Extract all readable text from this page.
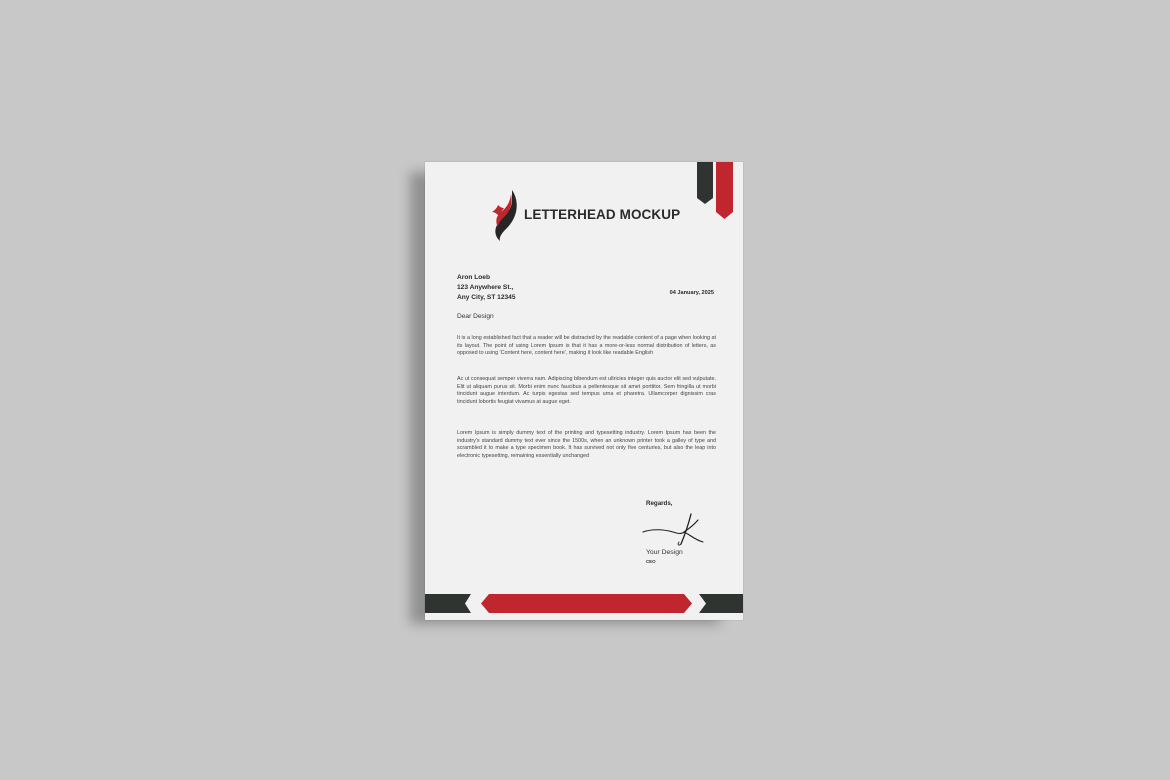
LETTERHEAD MOCKUP
Aron Loeb
123 Anywhere St.,
Any City, ST 12345
04 January, 2025
Dear Design

It is a long established fact that a reader will be distracted by the readable content of a page when looking at its layout. The point of using Lorem Ipsum is that it has a more-or-less normal distribution of letters, as opposed to using 'Content here, content here', making it look like readable English

Ac ut consequat semper viverra nam. Adipiscing bibendum est ultricies integer quis auctor elit sed vulputate. Elit ut aliquam purus sit. Morbi enim nunc faucibus a pellentesque sit amet porttitor. Sem fringilla ut morbi tincidunt augue interdum. Ac turpis egestas sed tempus urna et pharetra. Ullamcorper dignissim cras tincidunt lobortis feugiat vivamus at augue eget.

Lorem Ipsum is simply dummy text of the printing and typesetting industry. Lorem Ipsum has been the industry's standard dummy text ever since the 1500s, when an unknown printer took a galley of type and scrambled it to make a type specimen book. It has survived not only five centuries, but also the leap into electronic typesetting, remaining essentially unchanged

Regards,
Your Design
CEO
